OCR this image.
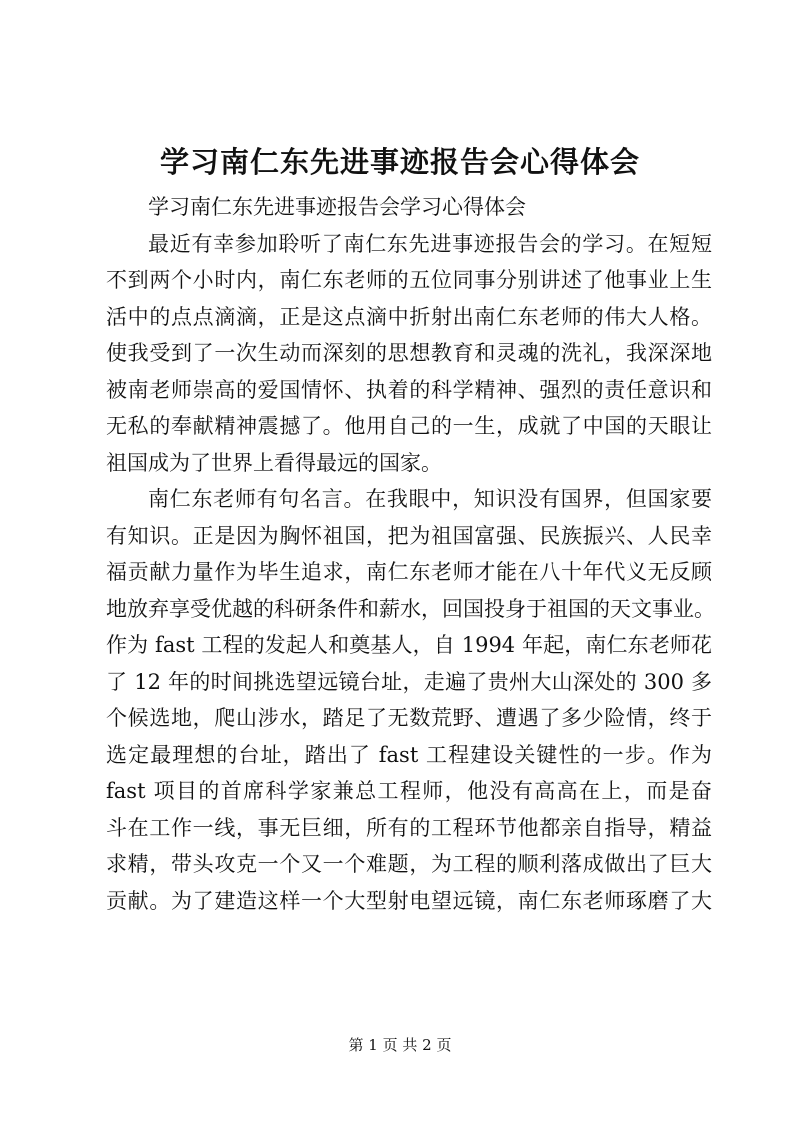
学习南仁东先进事迹报告会心得体会
学习南仁东先进事迹报告会学习心得体会
最近有幸参加聆听了南仁东先进事迹报告会的学习。在短短
不到两个小时内，南仁东老师的五位同事分别讲述了他事业上生
活中的点点滴滴，正是这点滴中折射出南仁东老师的伟大人格。
使我受到了一次生动而深刻的思想教育和灵魂的洗礼，我深深地
被南老师崇高的爱国情怀、执着的科学精神、强烈的责任意识和
无私的奉献精神震撼了。他用自己的一生，成就了中国的天眼让
祖国成为了世界上看得最远的国家。
南仁东老师有句名言。在我眼中，知识没有国界，但国家要
有知识。正是因为胸怀祖国，把为祖国富强、民族振兴、人民幸
福贡献力量作为毕生追求，南仁东老师才能在八十年代义无反顾
地放弃享受优越的科研条件和薪水，回国投身于祖国的天文事业。
作为 fast 工程的发起人和奠基人，自 1994 年起，南仁东老师花
了 12 年的时间挑选望远镜台址，走遍了贵州大山深处的 300 多
个候选地，爬山涉水，踏足了无数荒野、遭遇了多少险情，终于
选定最理想的台址，踏出了 fast 工程建设关键性的一步。作为
fast 项目的首席科学家兼总工程师，他没有高高在上，而是奋
斗在工作一线，事无巨细，所有的工程环节他都亲自指导，精益
求精，带头攻克一个又一个难题，为工程的顺利落成做出了巨大
贡献。为了建造这样一个大型射电望远镜，南仁东老师琢磨了大
第 1 页 共 2 页
